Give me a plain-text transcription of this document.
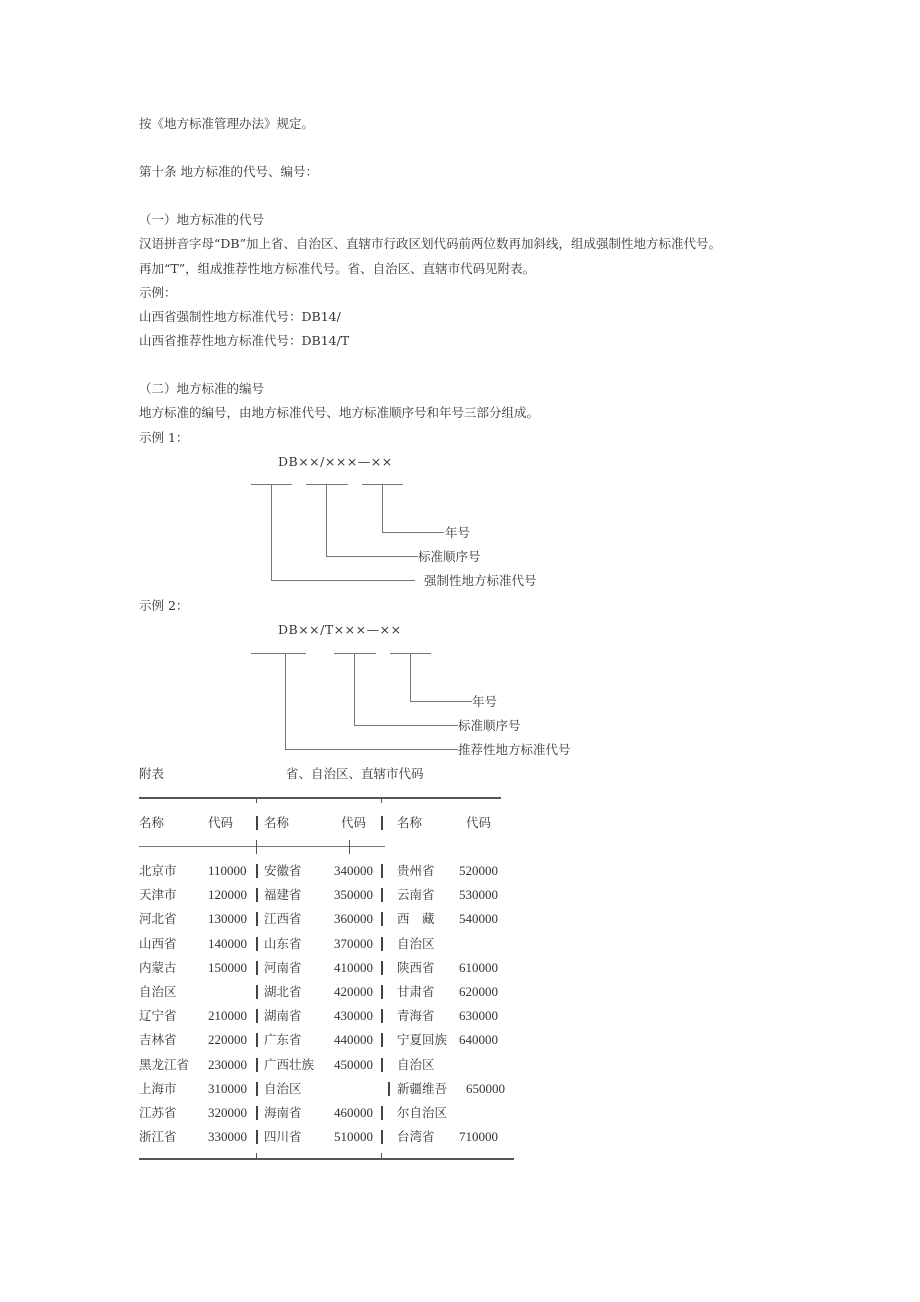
按《地方标准管理办法》规定。
第十条 地方标准的代号、编号：
（一）地方标准的代号
汉语拼音字母“DB”加上省、自治区、直辖市行政区划代码前两位数再加斜线，组成强制性地方标准代号。
再加“T”，组成推荐性地方标准代号。省、自治区、直辖市代码见附表。
示例：
山西省强制性地方标准代号：DB14/
山西省推荐性地方标准代号：DB14/T
（二）地方标准的编号
地方标准的编号，由地方标准代号、地方标准顺序号和年号三部分组成。
示例 1：
DB××/×××—××
年号
标准顺序号
强制性地方标准代号
示例 2：
DB××/T×××—××
年号
标准顺序号
推荐性地方标准代号
附表	省、自治区、直辖市代码
名称	代码 名称	代码 名称	代码
北京市 110000 安徽省 340000 贵州省 520000
天津市 120000 福建省 350000 云南省 530000
河北省 130000 江西省 360000 西　藏 540000
山西省 140000 山东省 370000 自治区
内蒙古 150000 河南省 410000 陕西省 610000
自治区	湖北省 420000 甘肃省 620000
辽宁省 210000 湖南省 430000 青海省 630000
吉林省 220000 广东省 440000 宁夏回族 640000
黑龙江省 230000 广西壮族 450000 自治区
上海市 310000 自治区	新疆维吾 650000
江苏省 320000 海南省 460000 尔自治区
浙江省 330000 四川省 510000 台湾省 710000
